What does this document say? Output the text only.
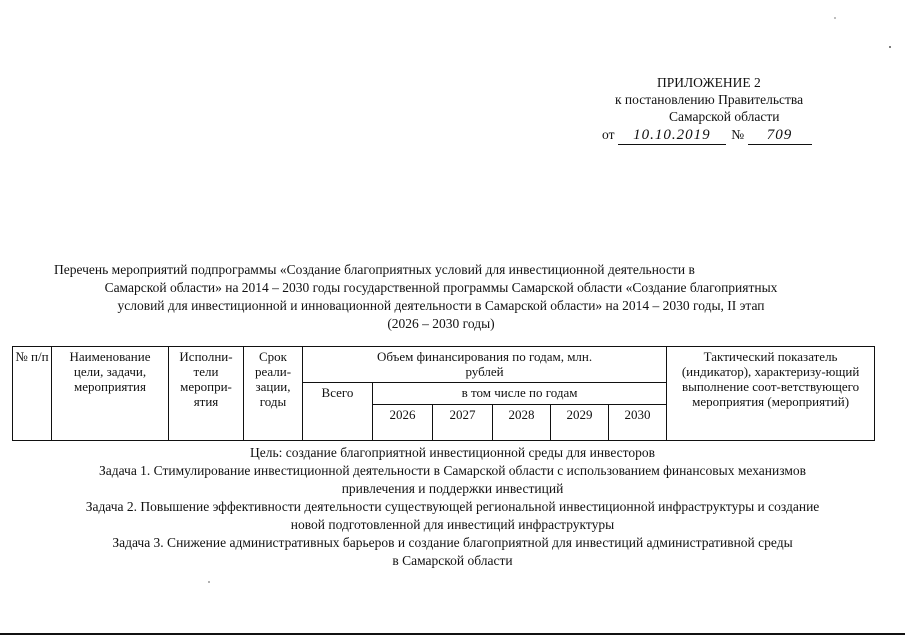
ПРИЛОЖЕНИЕ 2
к постановлению Правительства
Самарской области
от 10.10.2019 № 709

Перечень мероприятий подпрограммы «Создание благоприятных условий для инвестиционной деятельности в

Самарской области» на 2014 – 2030 годы государственной программы Самарской области «Создание благоприятных

условий для инвестиционной и инновационной деятельности в Самарской области» на 2014 – 2030 годы, II этап

(2026 – 2030 годы)

№ п/п	Наименование цели, задачи, мероприятия	Исполни-тели меропри-ятия	Срок реали-зации, годы	Объем финансирования по годам, млн. рублей						Тактический показатель (индикатор), характеризу-ющий выполнение соот-ветствующего мероприятия (мероприятий)
				Всего	в том числе по годам					
					2026	2027	2028	2029	2030	
Цель: создание благоприятной инвестиционной среды для инвесторов
Задача 1. Стимулирование инвестиционной деятельности в Самарской области с использованием финансовых механизмов
привлечения и поддержки инвестиций
Задача 2. Повышение эффективности деятельности существующей региональной инвестиционной инфраструктуры и создание
новой подготовленной для инвестиций инфраструктуры
Задача 3. Снижение административных барьеров и создание благоприятной для инвестиций административной среды
в Самарской области
